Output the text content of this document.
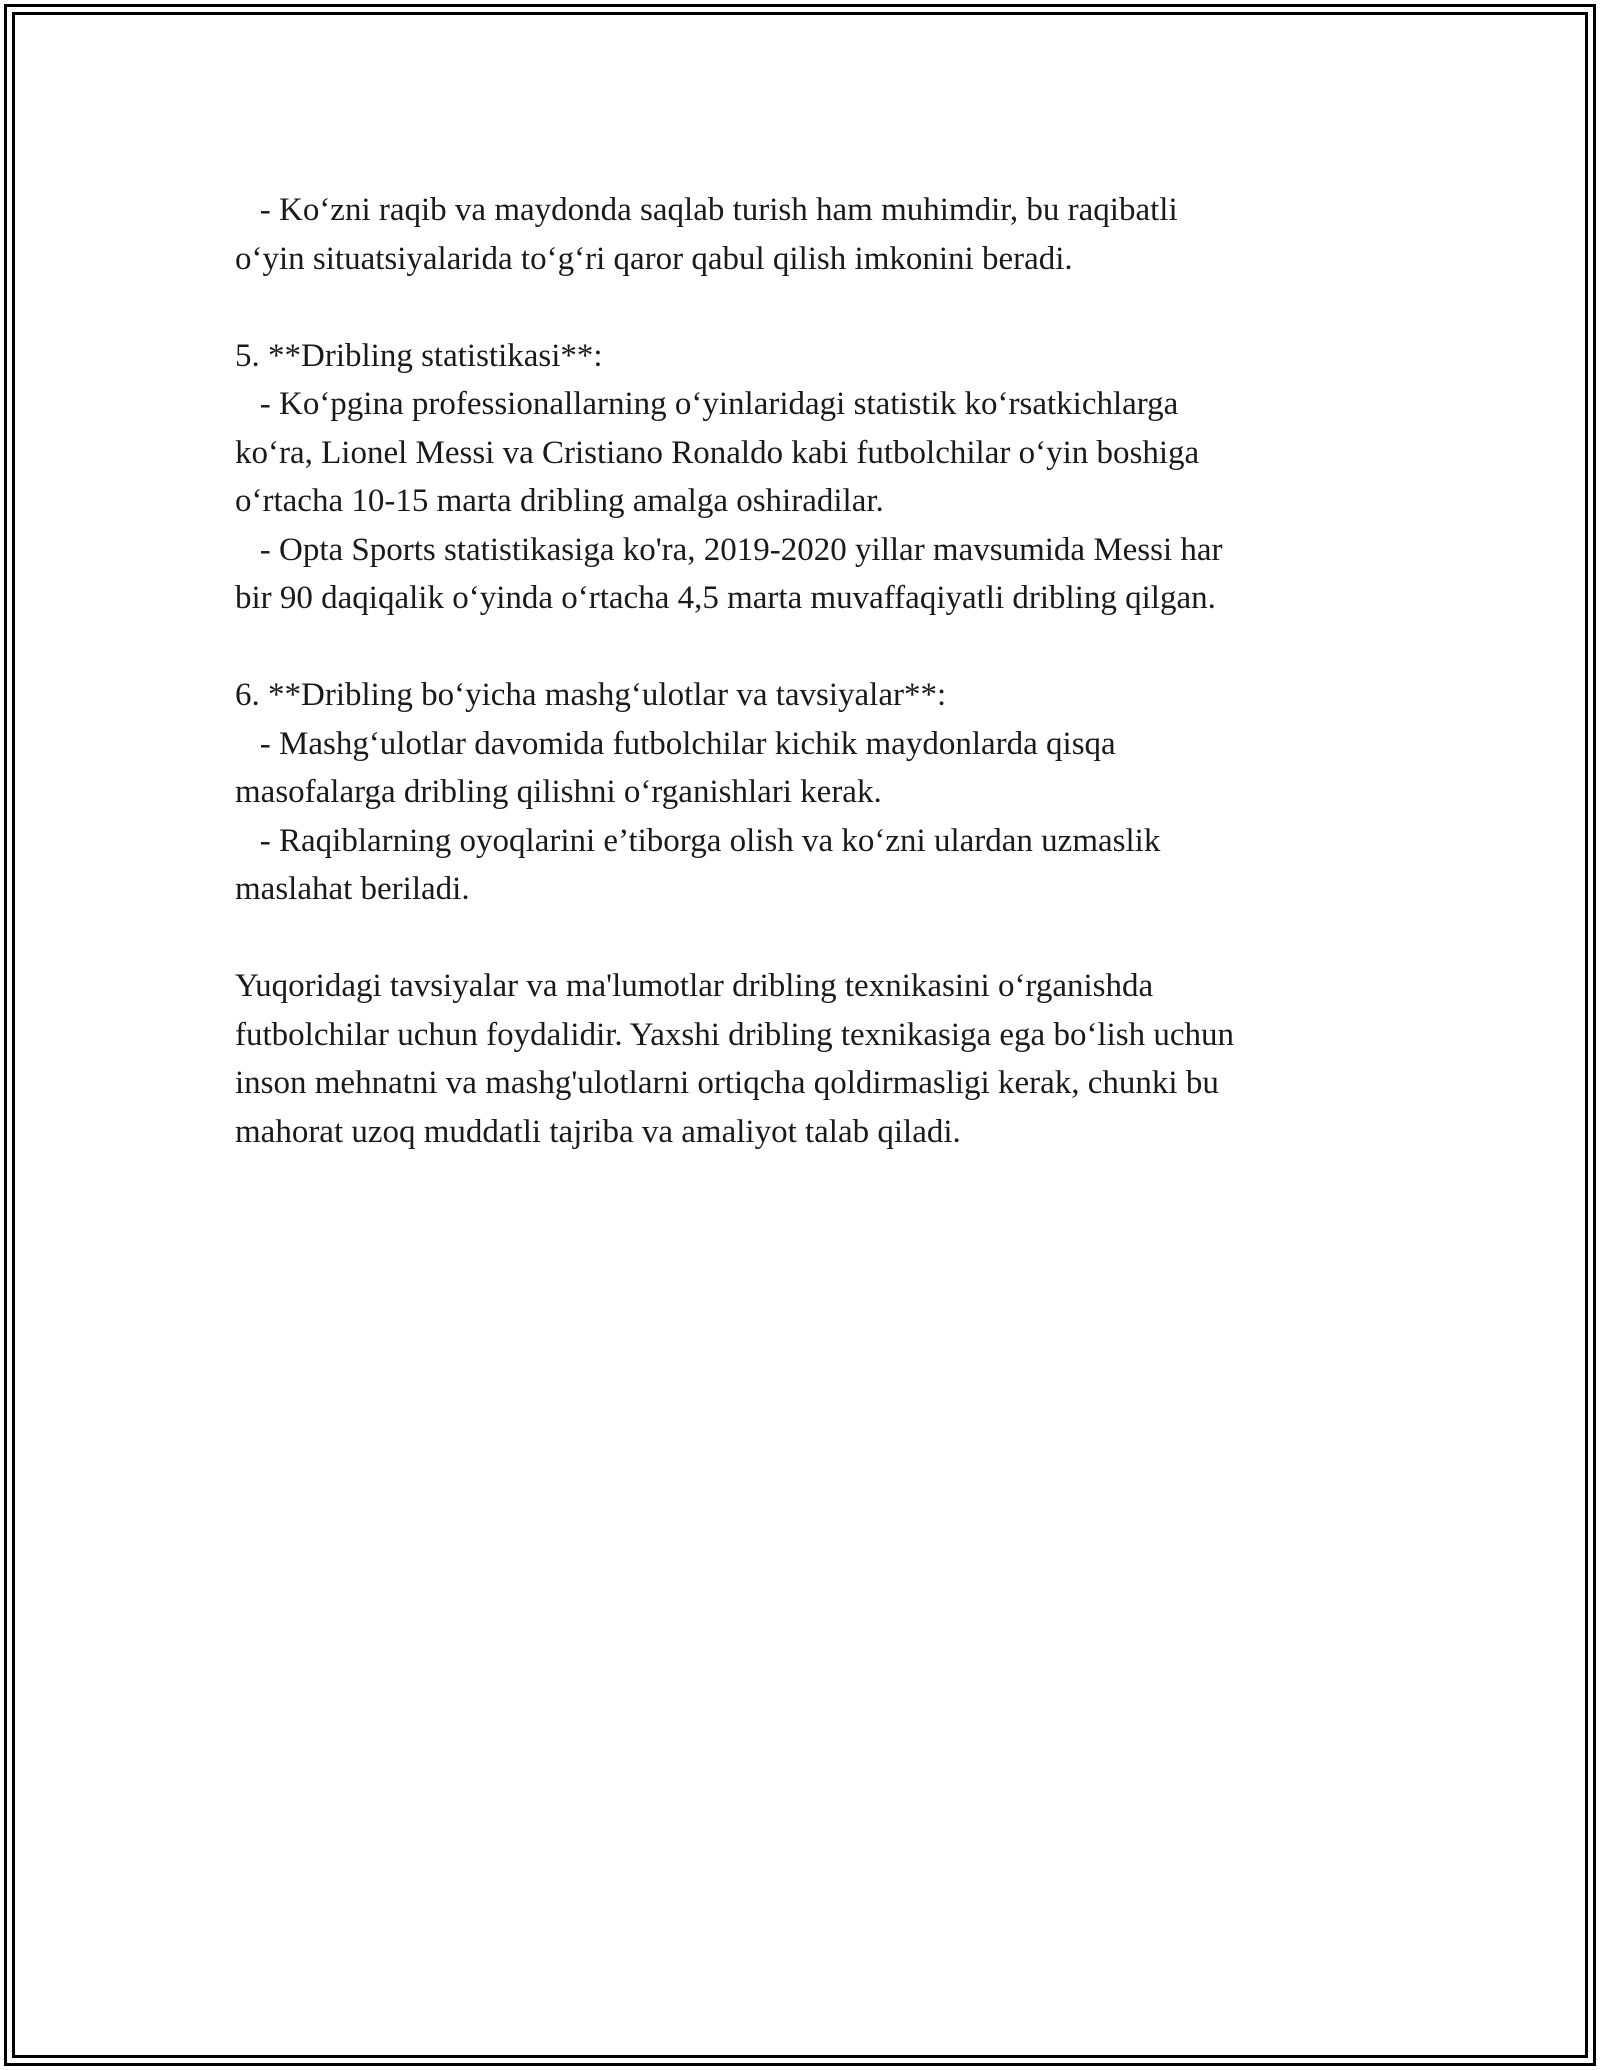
- Ko‘zni raqib va maydonda saqlab turish ham muhimdir, bu raqibatli

o‘yin situatsiyalarida to‘g‘ri qaror qabul qilish imkonini beradi.

5. **Dribling statistikasi**:

- Ko‘pgina professionallarning o‘yinlaridagi statistik ko‘rsatkichlarga

ko‘ra, Lionel Messi va Cristiano Ronaldo kabi futbolchilar o‘yin boshiga

o‘rtacha 10-15 marta dribling amalga oshiradilar.

- Opta Sports statistikasiga ko'ra, 2019-2020 yillar mavsumida Messi har

bir 90 daqiqalik o‘yinda o‘rtacha 4,5 marta muvaffaqiyatli dribling qilgan.

6. **Dribling bo‘yicha mashg‘ulotlar va tavsiyalar**:

- Mashg‘ulotlar davomida futbolchilar kichik maydonlarda qisqa

masofalarga dribling qilishni o‘rganishlari kerak.

- Raqiblarning oyoqlarini e’tiborga olish va ko‘zni ulardan uzmaslik

maslahat beriladi.

Yuqoridagi tavsiyalar va ma'lumotlar dribling texnikasini o‘rganishda

futbolchilar uchun foydalidir. Yaxshi dribling texnikasiga ega bo‘lish uchun

inson mehnatni va mashg'ulotlarni ortiqcha qoldirmasligi kerak, chunki bu

mahorat uzoq muddatli tajriba va amaliyot talab qiladi.
